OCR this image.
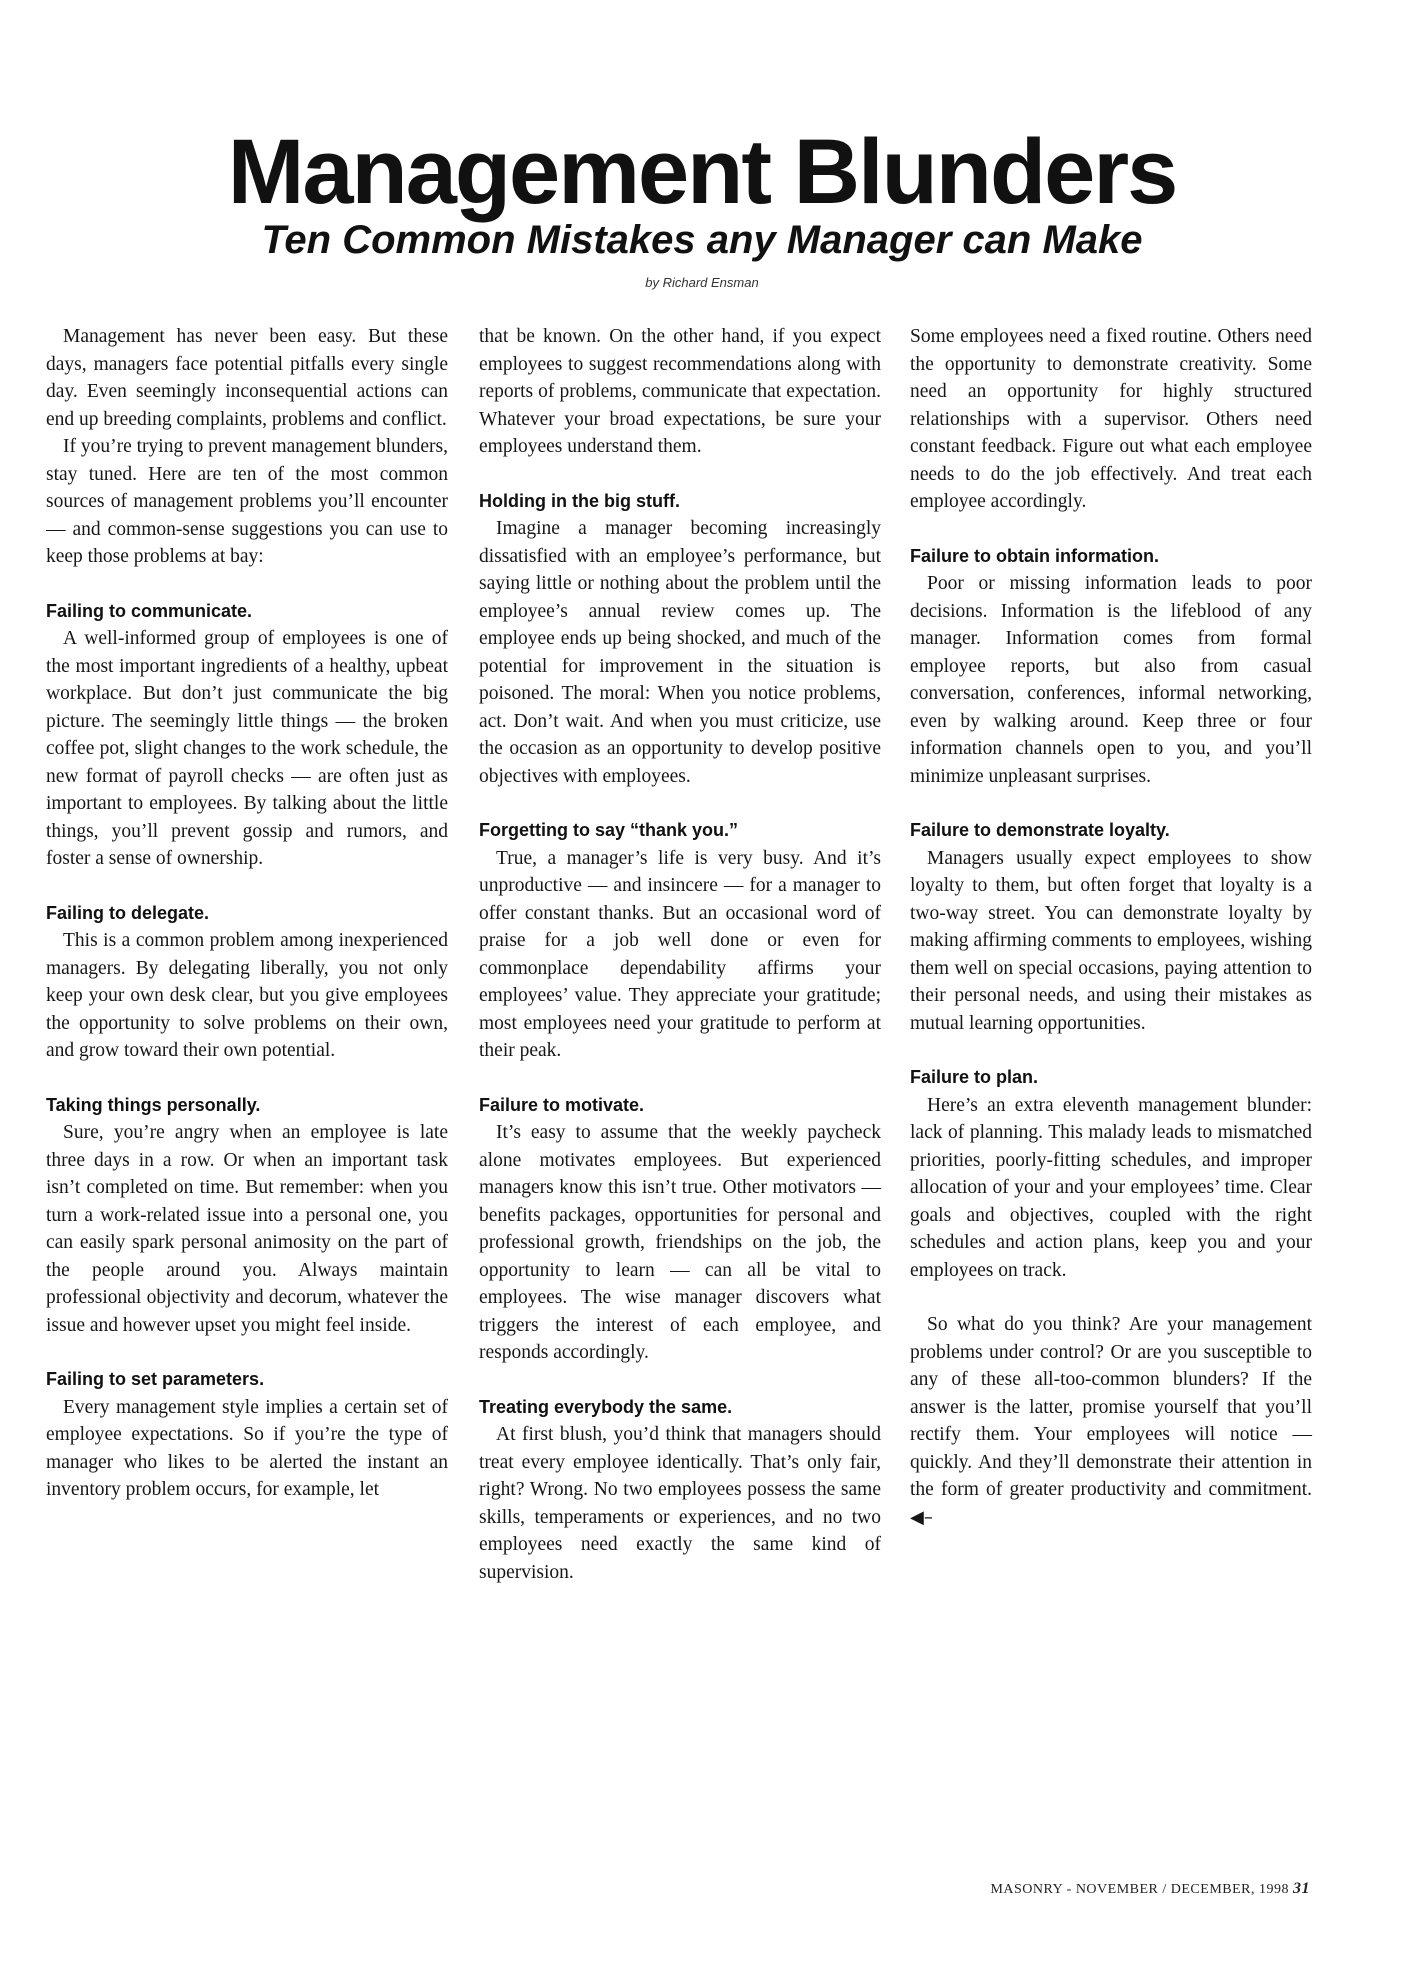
Management Blunders
Ten Common Mistakes any Manager can Make
by Richard Ensman

Management has never been easy. But these days, managers face potential pitfalls every single day. Even seemingly inconsequential actions can end up breeding complaints, problems and conflict.

If you’re trying to prevent management blunders, stay tuned. Here are ten of the most common sources of management problems you’ll encounter — and common-sense suggestions you can use to keep those problems at bay:

Failing to communicate.

A well-informed group of employees is one of the most important ingredients of a healthy, upbeat workplace. But don’t just communicate the big picture. The seemingly little things — the broken coffee pot, slight changes to the work schedule, the new format of payroll checks — are often just as important to employees. By talking about the little things, you’ll prevent gossip and rumors, and foster a sense of ownership.

Failing to delegate.

This is a common problem among inexperienced managers. By delegating liberally, you not only keep your own desk clear, but you give employees the opportunity to solve problems on their own, and grow toward their own potential.

Taking things personally.

Sure, you’re angry when an employee is late three days in a row. Or when an important task isn’t completed on time. But remember: when you turn a work-related issue into a personal one, you can easily spark personal animosity on the part of the people around you. Always maintain professional objectivity and decorum, whatever the issue and however upset you might feel inside.

Failing to set parameters.

Every management style implies a certain set of employee expectations. So if you’re the type of manager who likes to be alerted the instant an inventory problem occurs, for example, let

that be known. On the other hand, if you expect employees to suggest recommendations along with reports of problems, communicate that expectation. Whatever your broad expectations, be sure your employees understand them.

Holding in the big stuff.

Imagine a manager becoming increasingly dissatisfied with an employee’s performance, but saying little or nothing about the problem until the employee’s annual review comes up. The employee ends up being shocked, and much of the potential for improvement in the situation is poisoned. The moral: When you notice problems, act. Don’t wait. And when you must criticize, use the occasion as an opportunity to develop positive objectives with employees.

Forgetting to say “thank you.”

True, a manager’s life is very busy. And it’s unproductive — and insincere — for a manager to offer constant thanks. But an occasional word of praise for a job well done or even for commonplace dependability affirms your employees’ value. They appreciate your gratitude; most employees need your gratitude to perform at their peak.

Failure to motivate.

It’s easy to assume that the weekly paycheck alone motivates employees. But experienced managers know this isn’t true. Other motivators — benefits packages, opportunities for personal and professional growth, friendships on the job, the opportunity to learn — can all be vital to employees. The wise manager discovers what triggers the interest of each employee, and responds accordingly.

Treating everybody the same.

At first blush, you’d think that managers should treat every employee identically. That’s only fair, right? Wrong. No two employees possess the same skills, temperaments or experiences, and no two employees need exactly the same kind of supervision.

Some employees need a fixed routine. Others need the opportunity to demonstrate creativity. Some need an opportunity for highly structured relationships with a supervisor. Others need constant feedback. Figure out what each employee needs to do the job effectively. And treat each employee accordingly.

Failure to obtain information.

Poor or missing information leads to poor decisions. Information is the lifeblood of any manager. Information comes from formal employee reports, but also from casual conversation, conferences, informal networking, even by walking around. Keep three or four information channels open to you, and you’ll minimize unpleasant surprises.

Failure to demonstrate loyalty.

Managers usually expect employees to show loyalty to them, but often forget that loyalty is a two-way street. You can demonstrate loyalty by making affirming comments to employees, wishing them well on special occasions, paying attention to their personal needs, and using their mistakes as mutual learning opportunities.

Failure to plan.

Here’s an extra eleventh management blunder: lack of planning. This malady leads to mismatched priorities, poorly-fitting schedules, and improper allocation of your and your employees’ time. Clear goals and objectives, coupled with the right schedules and action plans, keep you and your employees on track.

So what do you think? Are your management problems under control? Or are you susceptible to any of these all-too-common blunders? If the answer is the latter, promise yourself that you’ll rectify them. Your employees will notice — quickly. And they’ll demonstrate their attention in the form of greater productivity and commitment. ◀–

MASONRY - NOVEMBER / DECEMBER, 1998 31
